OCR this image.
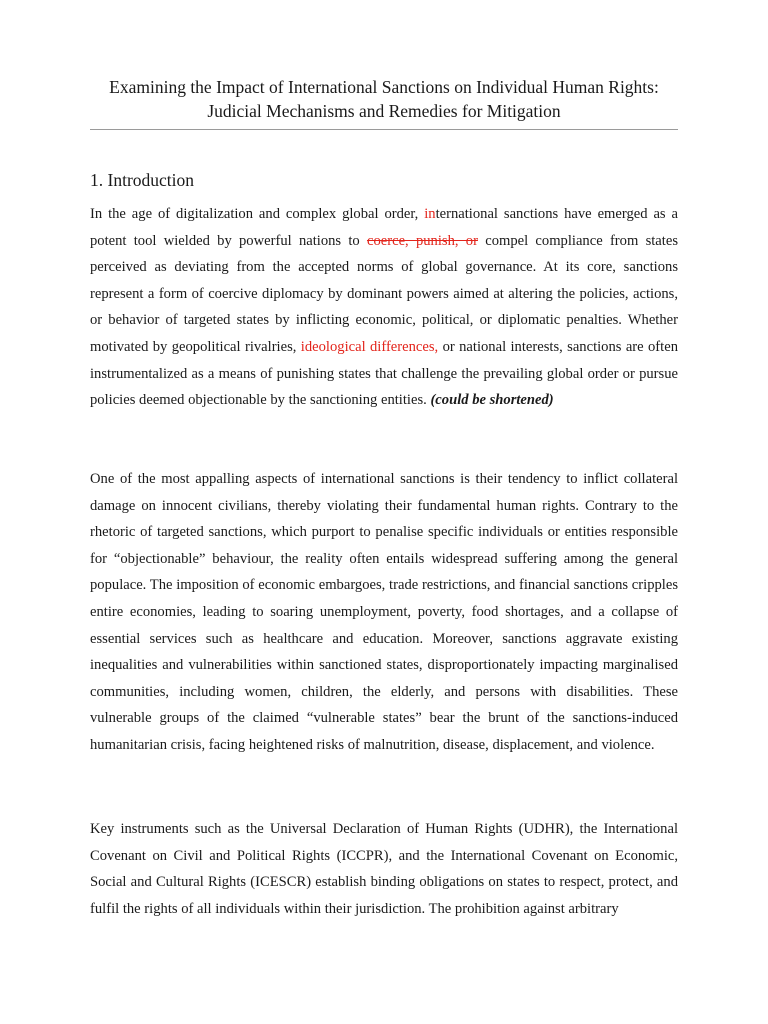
Examining the Impact of International Sanctions on Individual Human Rights:
Judicial Mechanisms and Remedies for Mitigation
1. Introduction

In the age of digitalization and complex global order, international sanctions have emerged as a potent tool wielded by powerful nations to coerce, punish, or compel compliance from states perceived as deviating from the accepted norms of global governance. At its core, sanctions represent a form of coercive diplomacy by dominant powers aimed at altering the policies, actions, or behavior of targeted states by inflicting economic, political, or diplomatic penalties. Whether motivated by geopolitical rivalries, ideological differences, or national interests, sanctions are often instrumentalized as a means of punishing states that challenge the prevailing global order or pursue policies deemed objectionable by the sanctioning entities. (could be shortened)

One of the most appalling aspects of international sanctions is their tendency to inflict collateral damage on innocent civilians, thereby violating their fundamental human rights. Contrary to the rhetoric of targeted sanctions, which purport to penalise specific individuals or entities responsible for “objectionable” behaviour, the reality often entails widespread suffering among the general populace. The imposition of economic embargoes, trade restrictions, and financial sanctions cripples entire economies, leading to soaring unemployment, poverty, food shortages, and a collapse of essential services such as healthcare and education. Moreover, sanctions aggravate existing inequalities and vulnerabilities within sanctioned states, disproportionately impacting marginalised communities, including women, children, the elderly, and persons with disabilities. These vulnerable groups of the claimed “vulnerable states” bear the brunt of the sanctions-induced humanitarian crisis, facing heightened risks of malnutrition, disease, displacement, and violence.

Key instruments such as the Universal Declaration of Human Rights (UDHR), the International Covenant on Civil and Political Rights (ICCPR), and the International Covenant on Economic, Social and Cultural Rights (ICESCR) establish binding obligations on states to respect, protect, and fulfil the rights of all individuals within their jurisdiction. The prohibition against arbitrary
